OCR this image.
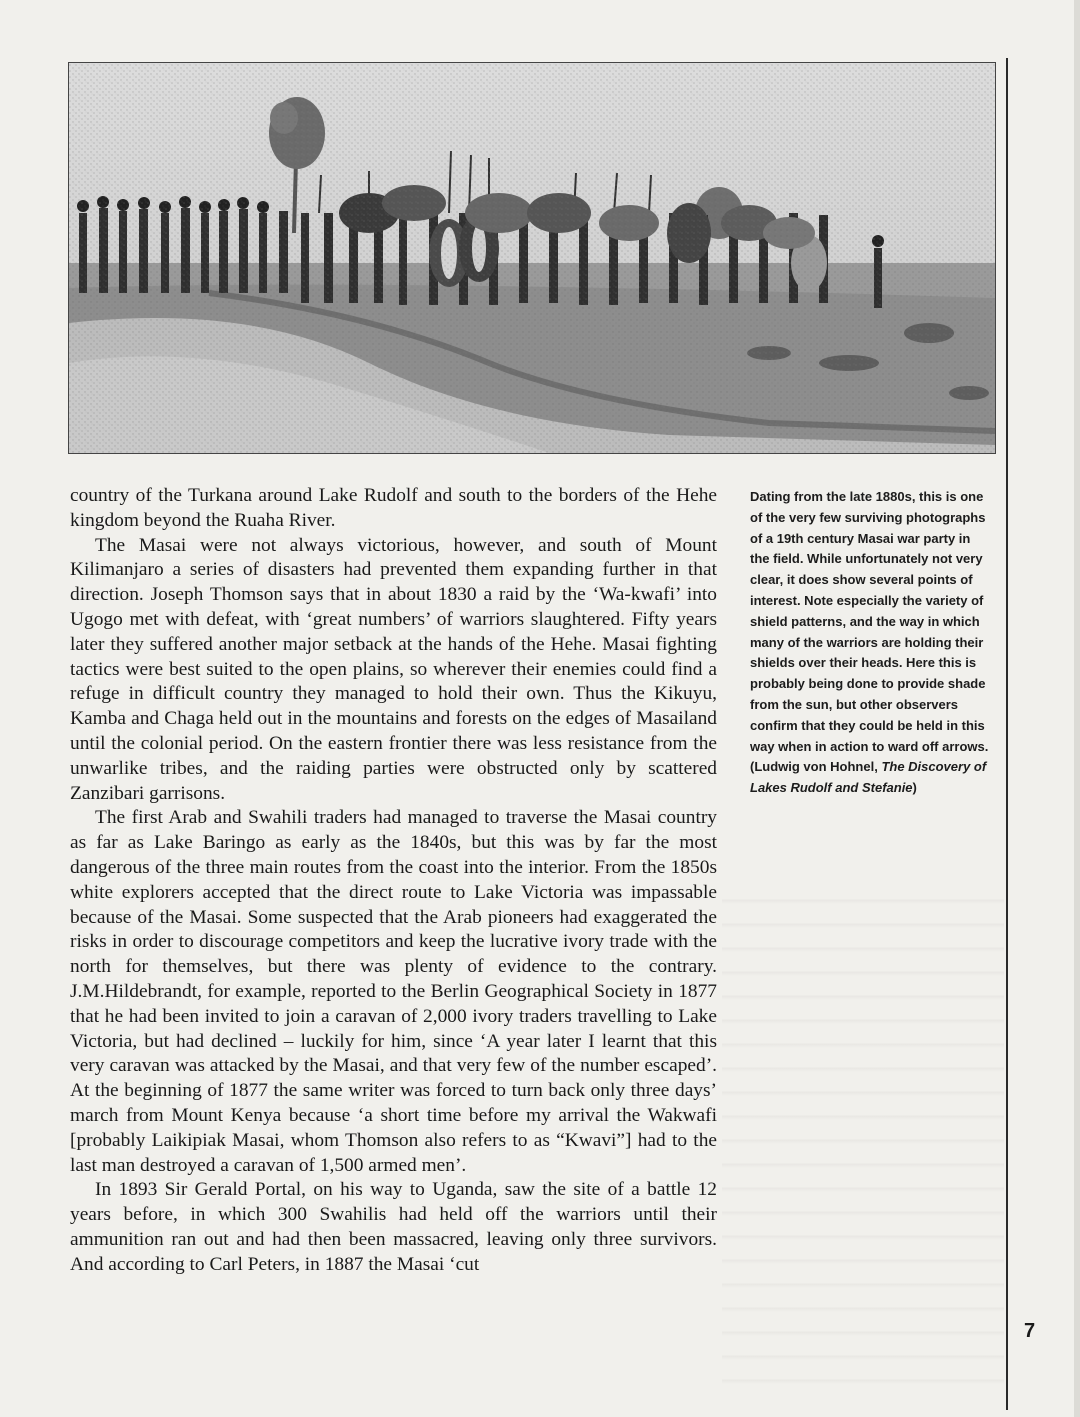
country of the Turkana around Lake Rudolf and south to the borders of the Hehe kingdom beyond the Ruaha River.

The Masai were not always victorious, however, and south of Mount Kilimanjaro a series of disasters had prevented them expanding further in that direction. Joseph Thomson says that in about 1830 a raid by the ‘Wa-kwafi’ into Ugogo met with defeat, with ‘great numbers’ of warriors slaughtered. Fifty years later they suffered another major setback at the hands of the Hehe. Masai fighting tactics were best suited to the open plains, so wherever their enemies could find a refuge in difficult country they managed to hold their own. Thus the Kikuyu, Kamba and Chaga held out in the mountains and forests on the edges of Masailand until the colonial period. On the eastern frontier there was less resistance from the unwarlike tribes, and the raiding parties were obstructed only by scattered Zanzibari garrisons.

The first Arab and Swahili traders had managed to traverse the Masai country as far as Lake Baringo as early as the 1840s, but this was by far the most dangerous of the three main routes from the coast into the interior. From the 1850s white explorers accepted that the direct route to Lake Victoria was impassable because of the Masai. Some suspected that the Arab pioneers had exaggerated the risks in order to discourage competitors and keep the lucrative ivory trade with the north for themselves, but there was plenty of evidence to the contrary. J.M.Hildebrandt, for example, reported to the Berlin Geographical Society in 1877 that he had been invited to join a caravan of 2,000 ivory traders travelling to Lake Victoria, but had declined – luckily for him, since ‘A year later I learnt that this very caravan was attacked by the Masai, and that very few of the number escaped’. At the beginning of 1877 the same writer was forced to turn back only three days’ march from Mount Kenya because ‘a short time before my arrival the Wakwafi [probably Laikipiak Masai, whom Thomson also refers to as “Kwavi”] had to the last man destroyed a caravan of 1,500 armed men’.

In 1893 Sir Gerald Portal, on his way to Uganda, saw the site of a battle 12 years before, in which 300 Swahilis had held off the warriors until their ammunition ran out and had then been massacred, leaving only three survivors. And according to Carl Peters, in 1887 the Masai ‘cut

Dating from the late 1880s, this is one of the very few surviving photographs of a 19th century Masai war party in the field. While unfortunately not very clear, it does show several points of interest. Note especially the variety of shield patterns, and the way in which many of the warriors are holding their shields over their heads. Here this is probably being done to provide shade from the sun, but other observers confirm that they could be held in this way when in action to ward off arrows. (Ludwig von Hohnel, The Discovery of Lakes Rudolf and Stefanie)
7
